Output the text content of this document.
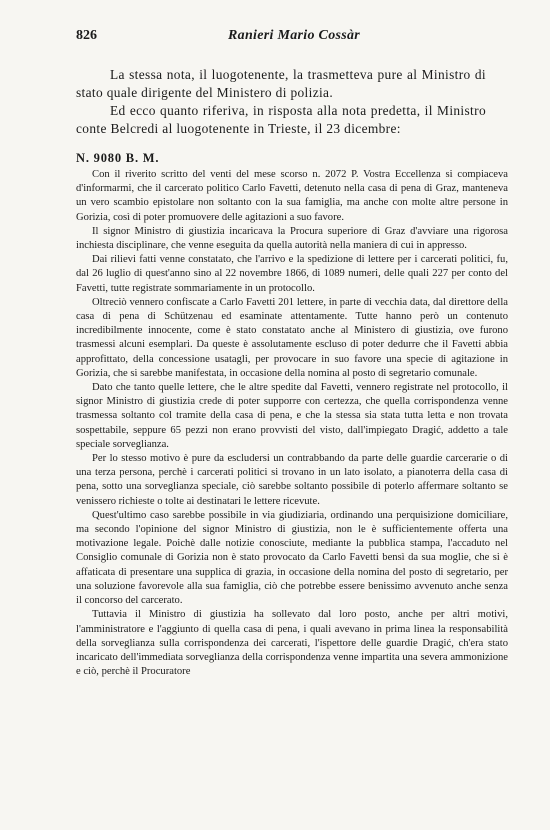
826	Ranieri Mario Cossàr

La stessa nota, il luogotenente, la trasmetteva pure al Ministro di stato quale dirigente del Ministero di polizia.

Ed ecco quanto riferiva, in risposta alla nota predetta, il Ministro conte Belcredi al luogotenente in Trieste, il 23 dicembre:

N. 9080 B. M.

Con il riverito scritto del venti del mese scorso n. 2072 P. Vostra Eccellenza si compiaceva d'informarmi, che il carcerato politico Carlo Favetti, detenuto nella casa di pena di Graz, manteneva un vero scambio epistolare non soltanto con la sua famiglia, ma anche con molte altre persone in Gorizia, così di poter promuovere delle agitazioni a suo favore.

Il signor Ministro di giustizia incaricava la Procura superiore di Graz d'avviare una rigorosa inchiesta disciplinare, che venne eseguita da quella autorità nella maniera di cui in appresso.

Dai rilievi fatti venne constatato, che l'arrivo e la spedizione di lettere per i carcerati politici, fu, dal 26 luglio di quest'anno sino al 22 novembre 1866, di 1089 numeri, delle quali 227 per conto del Favetti, tutte registrate sommariamente in un protocollo.

Oltreciò vennero confiscate a Carlo Favetti 201 lettere, in parte di vecchia data, dal direttore della casa di pena di Schützenau ed esaminate attentamente. Tutte hanno però un contenuto incredibilmente innocente, come è stato constatato anche al Ministero di giustizia, ove furono trasmessi alcuni esemplari. Da queste è assolutamente escluso di poter dedurre che il Favetti abbia approfittato, della concessione usatagli, per provocare in suo favore una specie di agitazione in Gorizia, che si sarebbe manifestata, in occasione della nomina al posto di segretario comunale.

Dato che tanto quelle lettere, che le altre spedite dal Favetti, vennero registrate nel protocollo, il signor Ministro di giustizia crede di poter supporre con certezza, che quella corrispondenza venne trasmessa soltanto col tramite della casa di pena, e che la stessa sia stata tutta letta e non trovata sospettabile, seppure 65 pezzi non erano provvisti del visto, dall'impiegato Dragić, addetto a tale speciale sorveglianza.

Per lo stesso motivo è pure da escludersi un contrabbando da parte delle guardie carcerarie o di una terza persona, perchè i carcerati politici si trovano in un lato isolato, a pianoterra della casa di pena, sotto una sorveglianza speciale, ciò sarebbe soltanto possibile di poterlo affermare soltanto se venissero richieste o tolte ai destinatari le lettere ricevute.

Quest'ultimo caso sarebbe possibile in via giudiziaria, ordinando una perquisizione domiciliare, ma secondo l'opinione del signor Ministro di giustizia, non le è sufficientemente offerta una motivazione legale. Poichè dalle notizie conosciute, mediante la pubblica stampa, l'accaduto nel Consiglio comunale di Gorizia non è stato provocato da Carlo Favetti bensì da sua moglie, che si è affaticata di presentare una supplica di grazia, in occasione della nomina del posto di segretario, per una soluzione favorevole alla sua famiglia, ciò che potrebbe essere benissimo avvenuto anche senza il concorso del carcerato.

Tuttavia il Ministro di giustizia ha sollevato dal loro posto, anche per altri motivi, l'amministratore e l'aggiunto di quella casa di pena, i quali avevano in prima linea la responsabilità della sorveglianza sulla corrispondenza dei carcerati, l'ispettore delle guardie Dragić, ch'era stato incaricato dell'immediata sorveglianza della corrispondenza venne impartita una severa ammonizione e ciò, perchè il Procuratore
